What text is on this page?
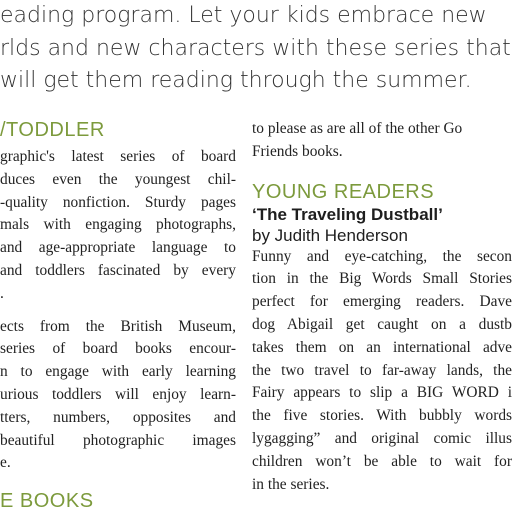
eading program. Let your kids embrace new
rlds and new characters with these series that
will get them reading through the summer.
/TODDLER
graphic's latest series of board
duces even the youngest chil-
-quality nonfiction. Sturdy pages
mals with engaging photographs,
and age-appropriate language to
and toddlers fascinated by every
.
ects from the British Museum,
series of board books encour-
n to engage with early learning
urious toddlers will enjoy learn-
tters, numbers, opposites and
beautiful photographic images
e.
E BOOKS
to please as are all of the other Go
Friends books.
YOUNG READERS
‘The Traveling Dustball’
by Judith Henderson
Funny and eye-catching, the secon
tion in the Big Words Small Stories
perfect for emerging readers. Dave
dog Abigail get caught on a dustb
takes them on an international adve
the two travel to far-away lands, the
Fairy appears to slip a BIG WORD i
the five stories. With bubbly words
lygagging” and original comic illus
children won’t be able to wait for
in the series.
